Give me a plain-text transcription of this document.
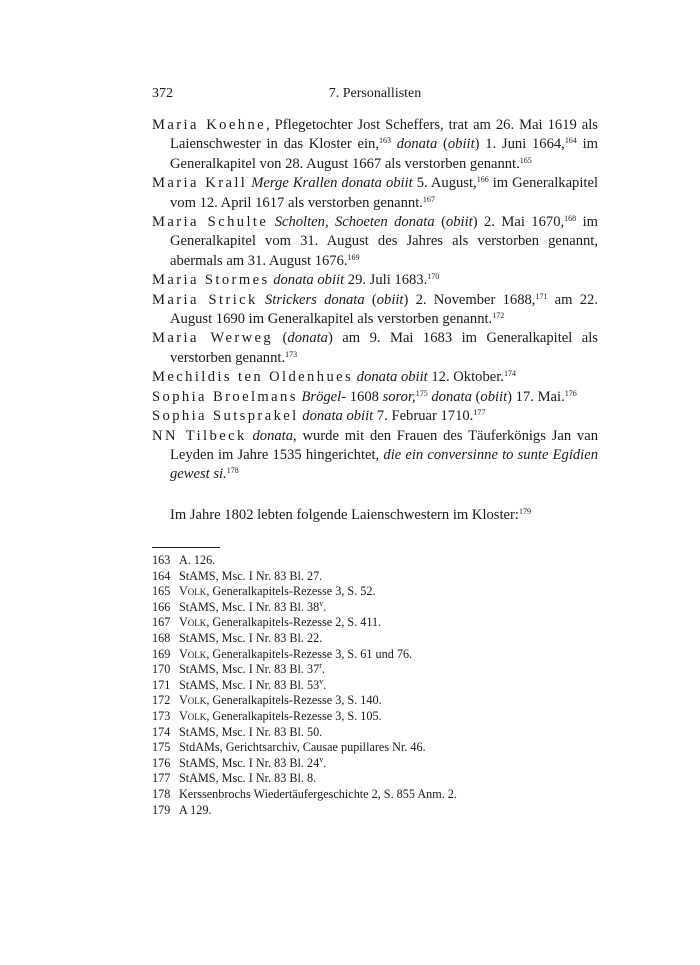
372	7. Personallisten

Maria Koehne, Pflegetochter Jost Scheffers, trat am 26. Mai 1619 als Laienschwester in das Kloster ein,$^{163}$ donata (obiit) 1. Juni 1664,$^{164}$ im Generalkapitel von 28. August 1667 als verstorben genannt.$^{165}$

Maria Krall Merge Krallen donata obiit 5. August,$^{166}$ im Generalkapitel vom 12. April 1617 als verstorben genannt.$^{167}$

Maria Schulte Scholten, Schoeten donata (obiit) 2. Mai 1670,$^{168}$ im Generalkapitel vom 31. August des Jahres als verstorben genannt, abermals am 31. August 1676.$^{169}$

Maria Stormes donata obiit 29. Juli 1683.$^{170}$

Maria Strick Strickers donata (obiit) 2. November 1688,$^{171}$ am 22. August 1690 im Generalkapitel als verstorben genannt.$^{172}$

Maria Werweg (donata) am 9. Mai 1683 im Generalkapitel als verstorben genannt.$^{173}$

Mechildis ten Oldenhues donata obiit 12. Oktober.$^{174}$

Sophia Broelmans Brögel- 1608 soror,$^{175}$ donata (obiit) 17. Mai.$^{176}$

Sophia Sutsprakel donata obiit 7. Februar 1710.$^{177}$

NN Tilbeck donata, wurde mit den Frauen des Täuferkönigs Jan van Leyden im Jahre 1535 hingerichtet, die ein conversinne to sunte Egidien gewest si.$^{178}$

Im Jahre 1802 lebten folgende Laienschwestern im Kloster:$^{179}$

163 A. 126.

164 StAMS, Msc. I Nr. 83 Bl. 27.

165 Volk, Generalkapitels-Rezesse 3, S. 52.

166 StAMS, Msc. I Nr. 83 Bl. 38$^v$.

167 Volk, Generalkapitels-Rezesse 2, S. 411.

168 StAMS, Msc. I Nr. 83 Bl. 22.

169 Volk, Generalkapitels-Rezesse 3, S. 61 und 76.

170 StAMS, Msc. I Nr. 83 Bl. 37$^r$.

171 StAMS, Msc. I Nr. 83 Bl. 53$^v$.

172 Volk, Generalkapitels-Rezesse 3, S. 140.

173 Volk, Generalkapitels-Rezesse 3, S. 105.

174 StAMS, Msc. I Nr. 83 Bl. 50.

175 StdAMs, Gerichtsarchiv, Causae pupillares Nr. 46.

176 StAMS, Msc. I Nr. 83 Bl. 24$^v$.

177 StAMS, Msc. I Nr. 83 Bl. 8.

178 Kerssenbrochs Wiedertäufergeschichte 2, S. 855 Anm. 2.

179 A 129.
